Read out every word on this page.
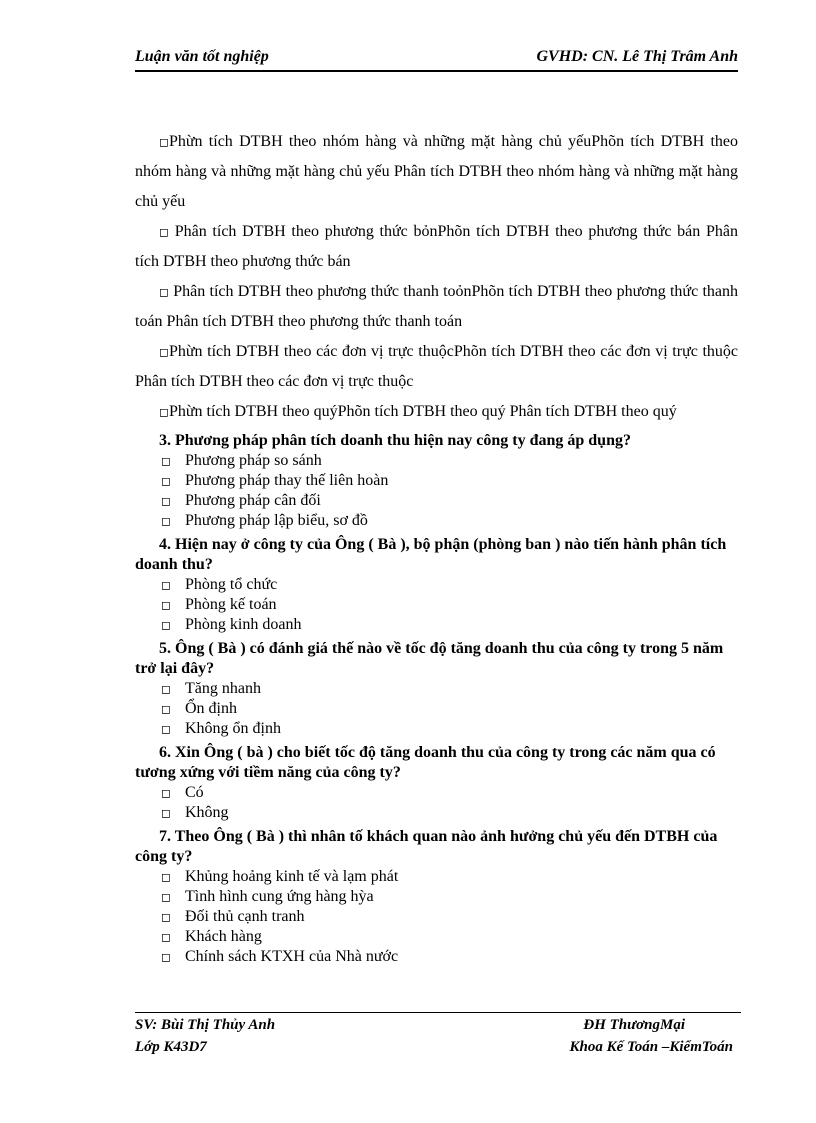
Luận văn tốt nghiệp	GVHD: CN. Lê Thị Trâm Anh

◻Phừn tích DTBH theo nhóm hàng và những mặt hàng chủ yếuPhõn tích DTBH theo nhóm hàng và những mặt hàng chủ yếu Phân tích DTBH theo nhóm hàng và những mặt hàng chủ yếu

◻ Phân tích DTBH theo phương thức bỏnPhõn tích DTBH theo phương thức bán Phân tích DTBH theo phương thức bán

◻ Phân tích DTBH theo phương thức thanh toỏnPhõn tích DTBH theo phương thức thanh toán Phân tích DTBH theo phương thức thanh toán

◻Phừn tích DTBH theo các đơn vị trực thuộcPhõn tích DTBH theo các đơn vị trực thuộc Phân tích DTBH theo các đơn vị trực thuộc

◻Phừn tích DTBH theo quýPhõn tích DTBH theo quý Phân tích DTBH theo quý

3. Phương pháp phân tích doanh thu hiện nay công ty đang áp dụng?

◻ Phương pháp so sánh
◻ Phương pháp thay thế liên hoàn
◻ Phương pháp cân đối
◻ Phương pháp lập biểu, sơ đồ

4. Hiện nay ở công ty của Ông ( Bà ), bộ phận (phòng ban ) nào tiến hành phân tích doanh thu?

◻ Phòng tổ chức
◻ Phòng kế toán
◻ Phòng kinh doanh

5. Ông ( Bà ) có đánh giá thế nào về tốc độ tăng doanh thu của công ty trong 5 năm trở lại đây?

◻ Tăng nhanh
◻ Ổn định
◻ Không ổn định

6. Xin Ông ( bà ) cho biết tốc độ tăng doanh thu của công ty trong các năm qua có tương xứng với tiềm năng của công ty?

◻ Có
◻ Không

7. Theo Ông ( Bà ) thì nhân tố khách quan nào ảnh hưởng chủ yếu đến DTBH của công ty?

◻ Khủng hoảng kinh tế và lạm phát
◻ Tình hình cung ứng hàng hỳa
◻ Đối thủ cạnh tranh
◻ Khách hàng
◻ Chính sách KTXH của Nhà nước
SV: Bùi Thị Thủy Anh	ĐH ThươngMại
Lớp K43D7	Khoa Kế Toán –KiểmToán
